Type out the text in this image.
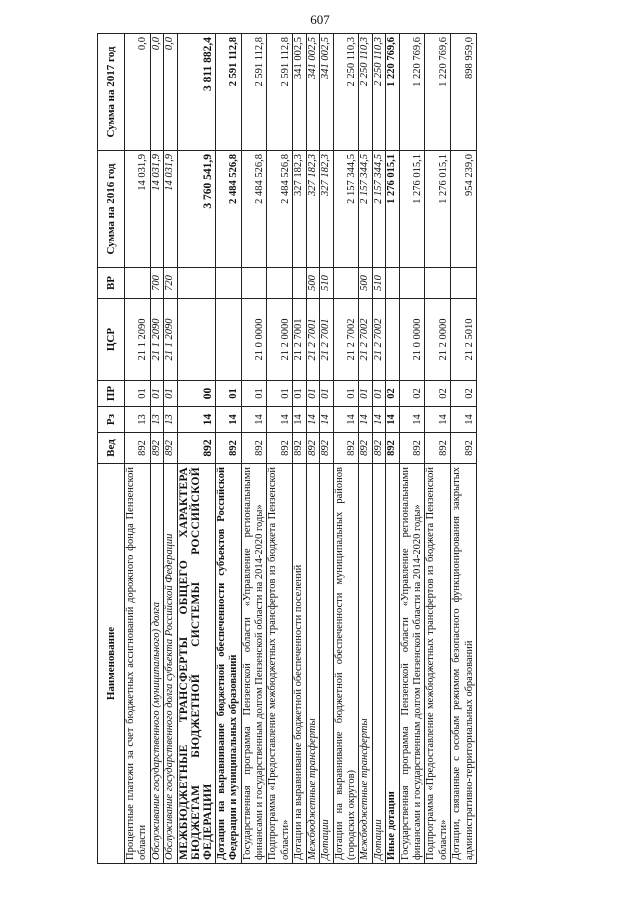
607
Наименование	Вед	Рз	ПР	ЦСР	ВР	Сумма на 2016 год	Сумма на 2017 год
Процентные платежи за счет бюджетных ассигнований дорожного фонда Пензенской области	892	13	01	21 1 2090		14 031,9	0,0
Обслуживание государственного (муниципального) долга	892	13	01	21 1 2090	700	14 031,9	0,0
Обслуживание государственного долга субъекта Российской Федерации	892	13	01	21 1 2090	720	14 031,9	0,0
МЕЖБЮДЖЕТНЫЕ ТРАНСФЕРТЫ ОБЩЕГО ХАРАКТЕРА БЮДЖЕТАМ БЮДЖЕТНОЙ СИСТЕМЫ РОССИЙСКОЙ ФЕДЕРАЦИИ	892	14	00			3 760 541,9	3 811 882,4
Дотации на выравнивание бюджетной обеспеченности субъектов Российской Федерации и муниципальных образований	892	14	01			2 484 526,8	2 591 112,8
Государственная программа Пензенской области «Управление региональными финансами и государственным долгом Пензенской области на 2014-2020 годы»	892	14	01	21 0 0000		2 484 526,8	2 591 112,8
Подпрограмма «Предоставление межбюджетных трансфертов из бюджета Пензенской области»	892	14	01	21 2 0000		2 484 526,8	2 591 112,8
Дотации на выравнивание бюджетной обеспеченности поселений	892	14	01	21 2 7001		327 182,3	341 002,5
Межбюджетные трансферты	892	14	01	21 2 7001	500	327 182,3	341 002,5
Дотации	892	14	01	21 2 7001	510	327 182,3	341 002,5
Дотации на выравнивание бюджетной обеспеченности муниципальных районов (городских округов)	892	14	01	21 2 7002		2 157 344,5	2 250 110,3
Межбюджетные трансферты	892	14	01	21 2 7002	500	2 157 344,5	2 250 110,3
Дотации	892	14	01	21 2 7002	510	2 157 344,5	2 250 110,3
Иные дотации	892	14	02			1 276 015,1	1 220 769,6
Государственная программа Пензенской области «Управление региональными финансами и государственным долгом Пензенской области на 2014-2020 годы»	892	14	02	21 0 0000		1 276 015,1	1 220 769,6
Подпрограмма «Предоставление межбюджетных трансфертов из бюджета Пензенской области»	892	14	02	21 2 0000		1 276 015,1	1 220 769,6
Дотации, связанные с особым режимом безопасного функционирования закрытых административно-территориальных образований	892	14	02	21 2 5010		954 239,0	898 959,0
